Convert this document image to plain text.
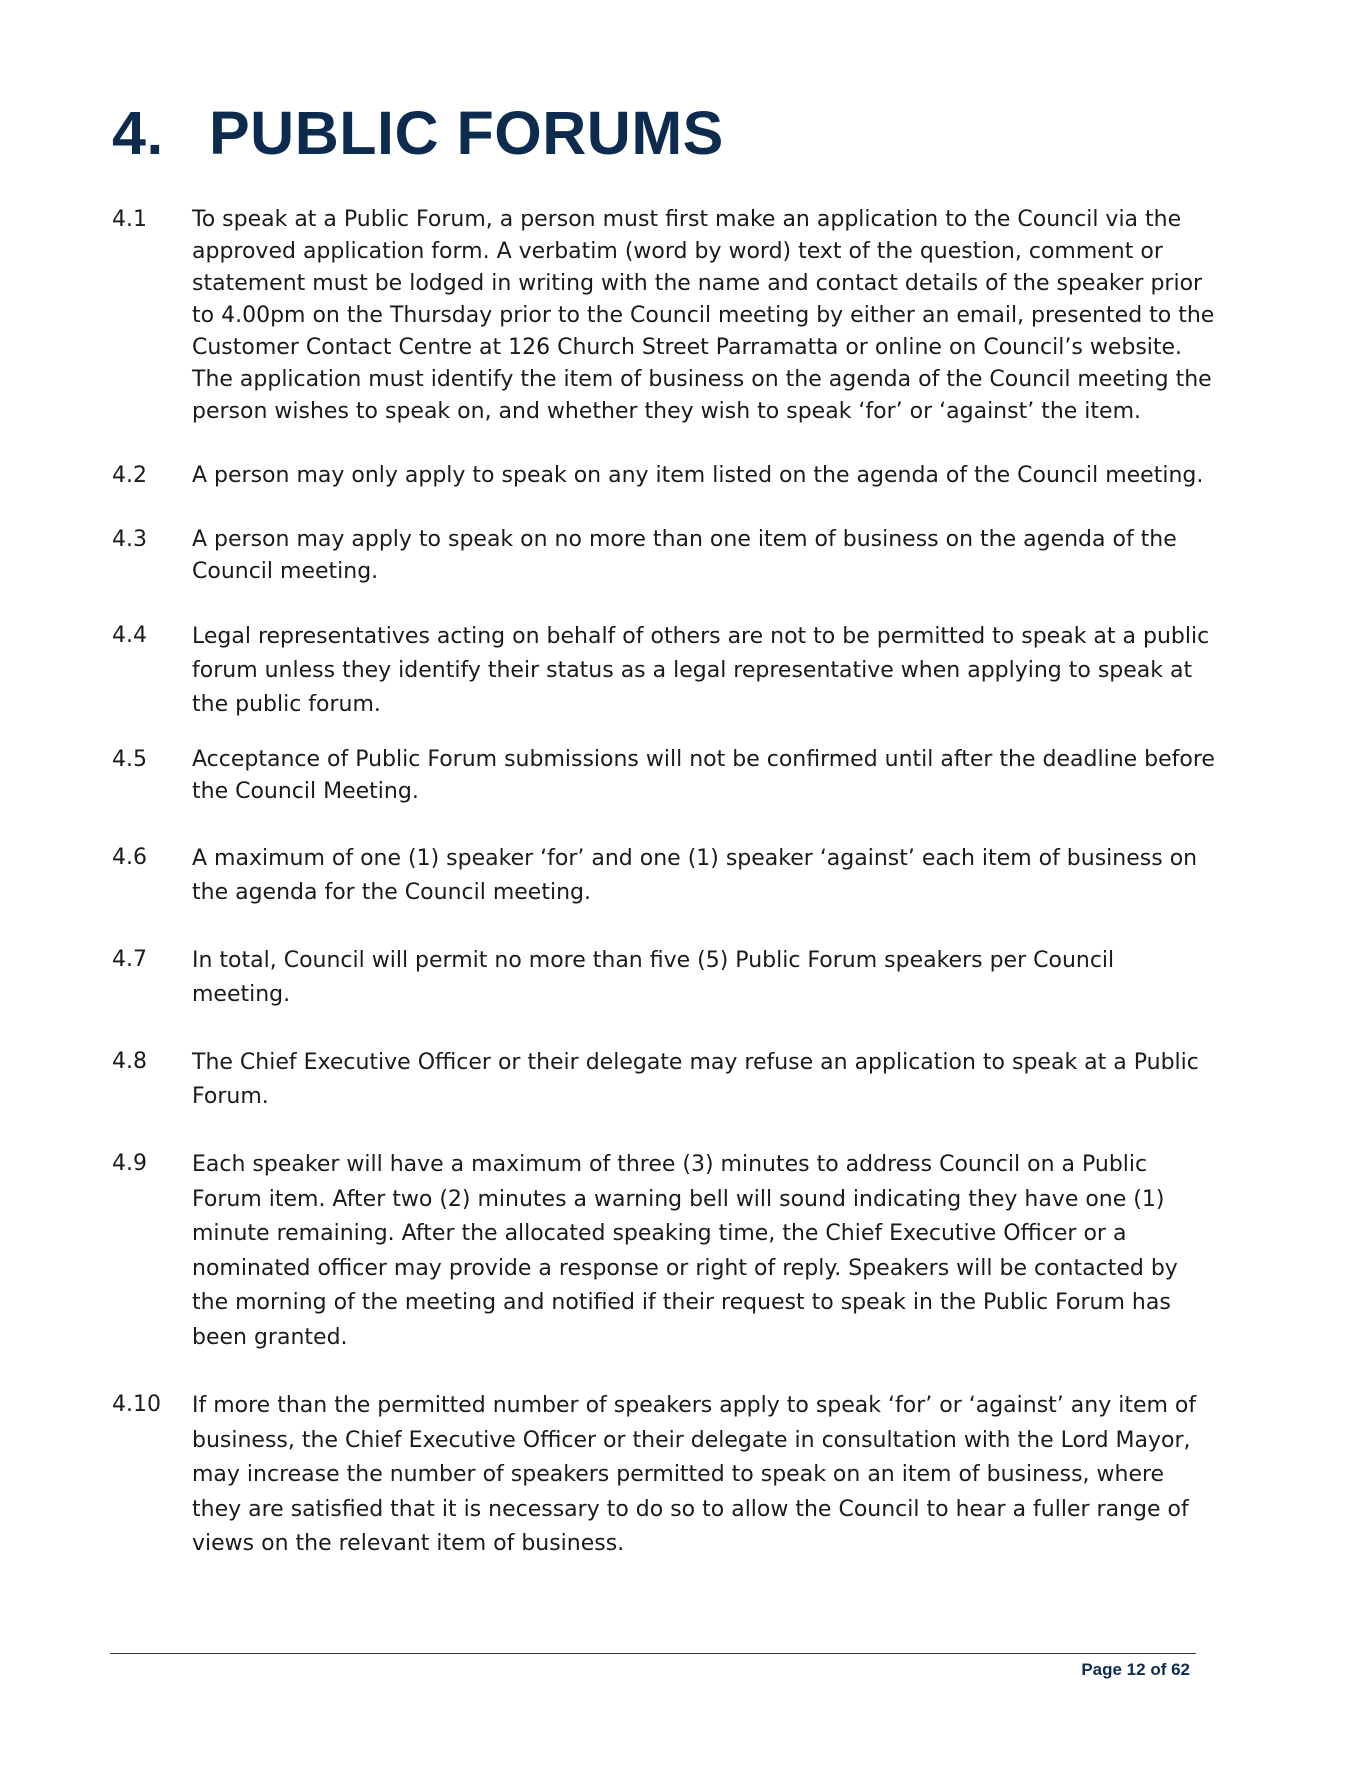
4. PUBLIC FORUMS
4.1	To speak at a Public Forum, a person must first make an application to the Council via the approved application form. A verbatim (word by word) text of the question, comment or statement must be lodged in writing with the name and contact details of the speaker prior to 4.00pm on the Thursday prior to the Council meeting by either an email, presented to the Customer Contact Centre at 126 Church Street Parramatta or online on Council’s website. The application must identify the item of business on the agenda of the Council meeting the person wishes to speak on, and whether they wish to speak ‘for’ or ‘against’ the item.
4.2	A person may only apply to speak on any item listed on the agenda of the Council meeting.
4.3	A person may apply to speak on no more than one item of business on the agenda of the Council meeting.
4.4	Legal representatives acting on behalf of others are not to be permitted to speak at a public forum unless they identify their status as a legal representative when applying to speak at the public forum.
4.5	Acceptance of Public Forum submissions will not be confirmed until after the deadline before the Council Meeting.
4.6	A maximum of one (1) speaker ‘for’ and one (1) speaker ‘against’ each item of business on the agenda for the Council meeting.
4.7	In total, Council will permit no more than five (5) Public Forum speakers per Council meeting.
4.8	The Chief Executive Officer or their delegate may refuse an application to speak at a Public Forum.
4.9	Each speaker will have a maximum of three (3) minutes to address Council on a Public Forum item. After two (2) minutes a warning bell will sound indicating they have one (1) minute remaining. After the allocated speaking time, the Chief Executive Officer or a nominated officer may provide a response or right of reply. Speakers will be contacted by the morning of the meeting and notified if their request to speak in the Public Forum has been granted.
4.10	If more than the permitted number of speakers apply to speak ‘for’ or ‘against’ any item of business, the Chief Executive Officer or their delegate in consultation with the Lord Mayor, may increase the number of speakers permitted to speak on an item of business, where they are satisfied that it is necessary to do so to allow the Council to hear a fuller range of views on the relevant item of business.
Page 12 of 62
